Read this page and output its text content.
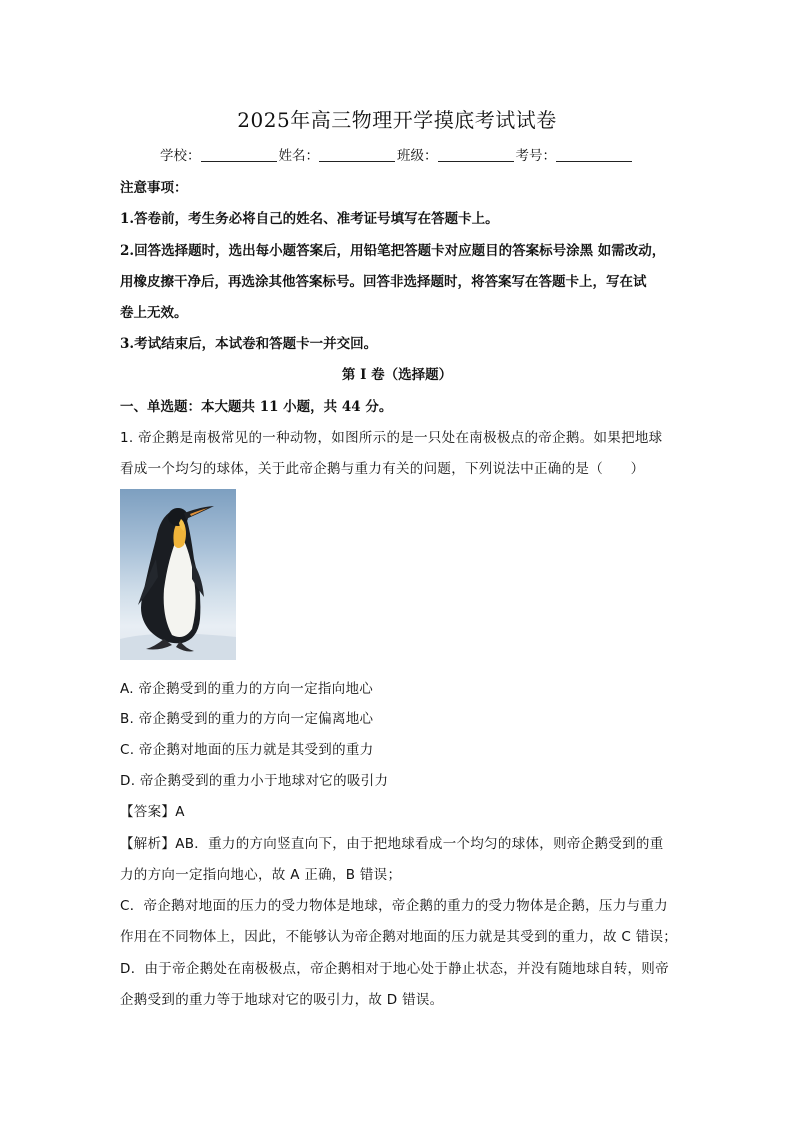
2025年高三物理开学摸底考试试卷
学校：	姓名：	班级：	考号：
注意事项：
1.答卷前，考生务必将自己的姓名、准考证号填写在答题卡上。
2.回答选择题时，选出每小题答案后，用铅笔把答题卡对应题目的答案标号涂黑 如需改动，
用橡皮擦干净后，再选涂其他答案标号。回答非选择题时，将答案写在答题卡上，写在试
卷上无效。
3.考试结束后，本试卷和答题卡一并交回。
第 I 卷（选择题）
一、单选题：本大题共 11 小题，共 44 分。
1. 帝企鹅是南极常见的一种动物，如图所示的是一只处在南极极点的帝企鹅。如果把地球
看成一个均匀的球体，关于此帝企鹅与重力有关的问题，下列说法中正确的是（　　）
A. 帝企鹅受到的重力的方向一定指向地心
B. 帝企鹅受到的重力的方向一定偏离地心
C. 帝企鹅对地面的压力就是其受到的重力
D. 帝企鹅受到的重力小于地球对它的吸引力
【答案】A
【解析】AB．重力的方向竖直向下，由于把地球看成一个均匀的球体，则帝企鹅受到的重
力的方向一定指向地心，故 A 正确，B 错误；
C．帝企鹅对地面的压力的受力物体是地球，帝企鹅的重力的受力物体是企鹅，压力与重力
作用在不同物体上，因此，不能够认为帝企鹅对地面的压力就是其受到的重力，故 C 错误；
D．由于帝企鹅处在南极极点，帝企鹅相对于地心处于静止状态，并没有随地球自转，则帝
企鹅受到的重力等于地球对它的吸引力，故 D 错误。
